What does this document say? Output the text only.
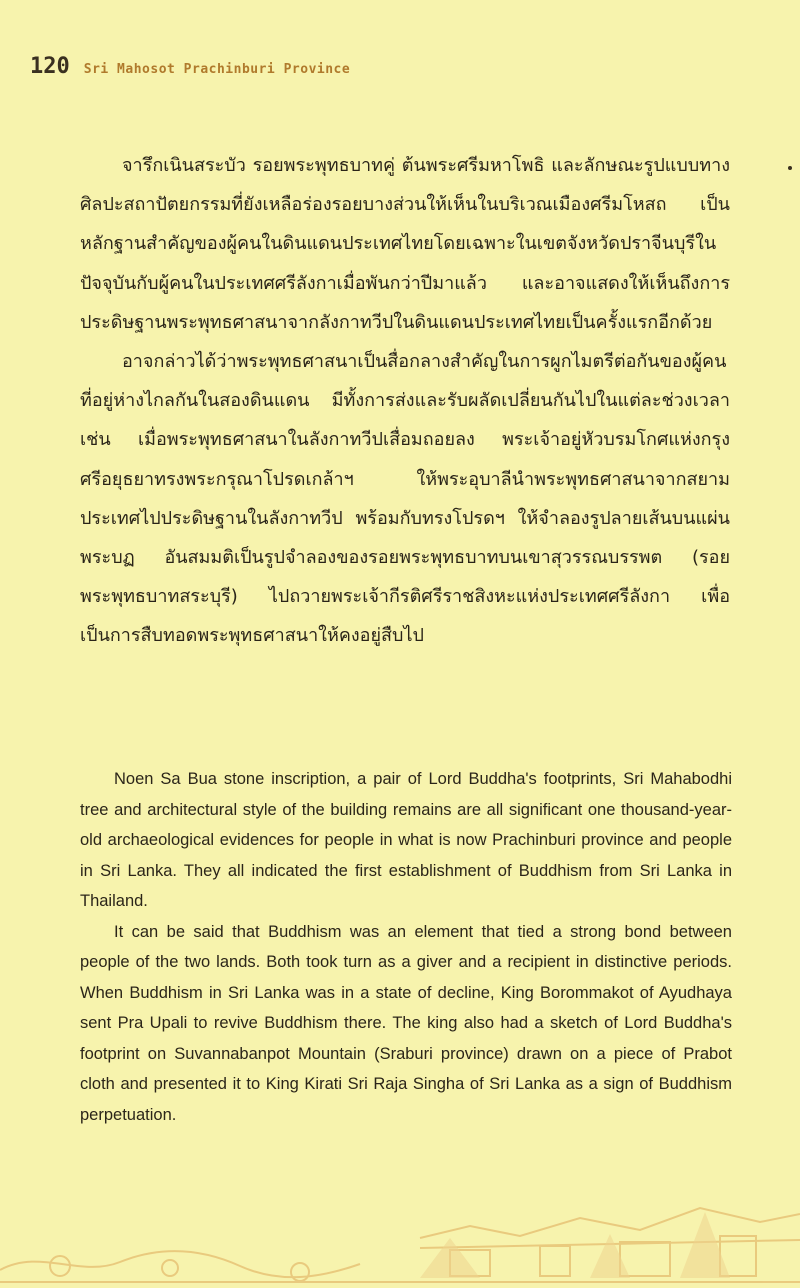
120 Sri Mahosot Prachinburi Province

จารึกเนินสระบัว รอยพระพุทธบาทคู่ ต้นพระศรีมหาโพธิ และลักษณะรูปแบบทางศิลปะสถาปัตยกรรมที่ยังเหลือร่องรอยบางส่วนให้เห็นในบริเวณเมืองศรีมโหสถ เป็นหลักฐานสำคัญของผู้คนในดินแดนประเทศไทยโดยเฉพาะในเขตจังหวัดปราจีนบุรีในปัจจุบันกับผู้คนในประเทศศรีลังกาเมื่อพันกว่าปีมาแล้ว และอาจแสดงให้เห็นถึงการประดิษฐานพระพุทธศาสนาจากลังกาทวีปในดินแดนประเทศไทยเป็นครั้งแรกอีกด้วย

อาจกล่าวได้ว่าพระพุทธศาสนาเป็นสื่อกลางสำคัญในการผูกไมตรีต่อกันของผู้คนที่อยู่ห่างไกลกันในสองดินแดน มีทั้งการส่งและรับผลัดเปลี่ยนกันไปในแต่ละช่วงเวลา เช่น เมื่อพระพุทธศาสนาในลังกาทวีปเสื่อมถอยลง พระเจ้าอยู่หัวบรมโกศแห่งกรุงศรีอยุธยาทรงพระกรุณาโปรดเกล้าฯ ให้พระอุบาลีนำพระพุทธศาสนาจากสยามประเทศไปประดิษฐานในลังกาทวีป พร้อมกับทรงโปรดฯ ให้จำลองรูปลายเส้นบนแผ่นพระบฏ อันสมมติเป็นรูปจำลองของรอยพระพุทธบาทบนเขาสุวรรณบรรพต (รอยพระพุทธบาทสระบุรี) ไปถวายพระเจ้ากีรติศรีราชสิงหะแห่งประเทศศรีลังกา เพื่อเป็นการสืบทอดพระพุทธศาสนาให้คงอยู่สืบไป

Noen Sa Bua stone inscription, a pair of Lord Buddha's footprints, Sri Mahabodhi tree and architectural style of the building remains are all significant one thousand-year-old archaeological evidences for people in what is now Prachinburi province and people in Sri Lanka. They all indicated the first establishment of Buddhism from Sri Lanka in Thailand.

It can be said that Buddhism was an element that tied a strong bond between people of the two lands. Both took turn as a giver and a recipient in distinctive periods. When Buddhism in Sri Lanka was in a state of decline, King Borommakot of Ayudhaya sent Pra Upali to revive Buddhism there. The king also had a sketch of Lord Buddha's footprint on Suvannabanpot Mountain (Sraburi province) drawn on a piece of Prabot cloth and presented it to King Kirati Sri Raja Singha of Sri Lanka as a sign of Buddhism perpetuation.
